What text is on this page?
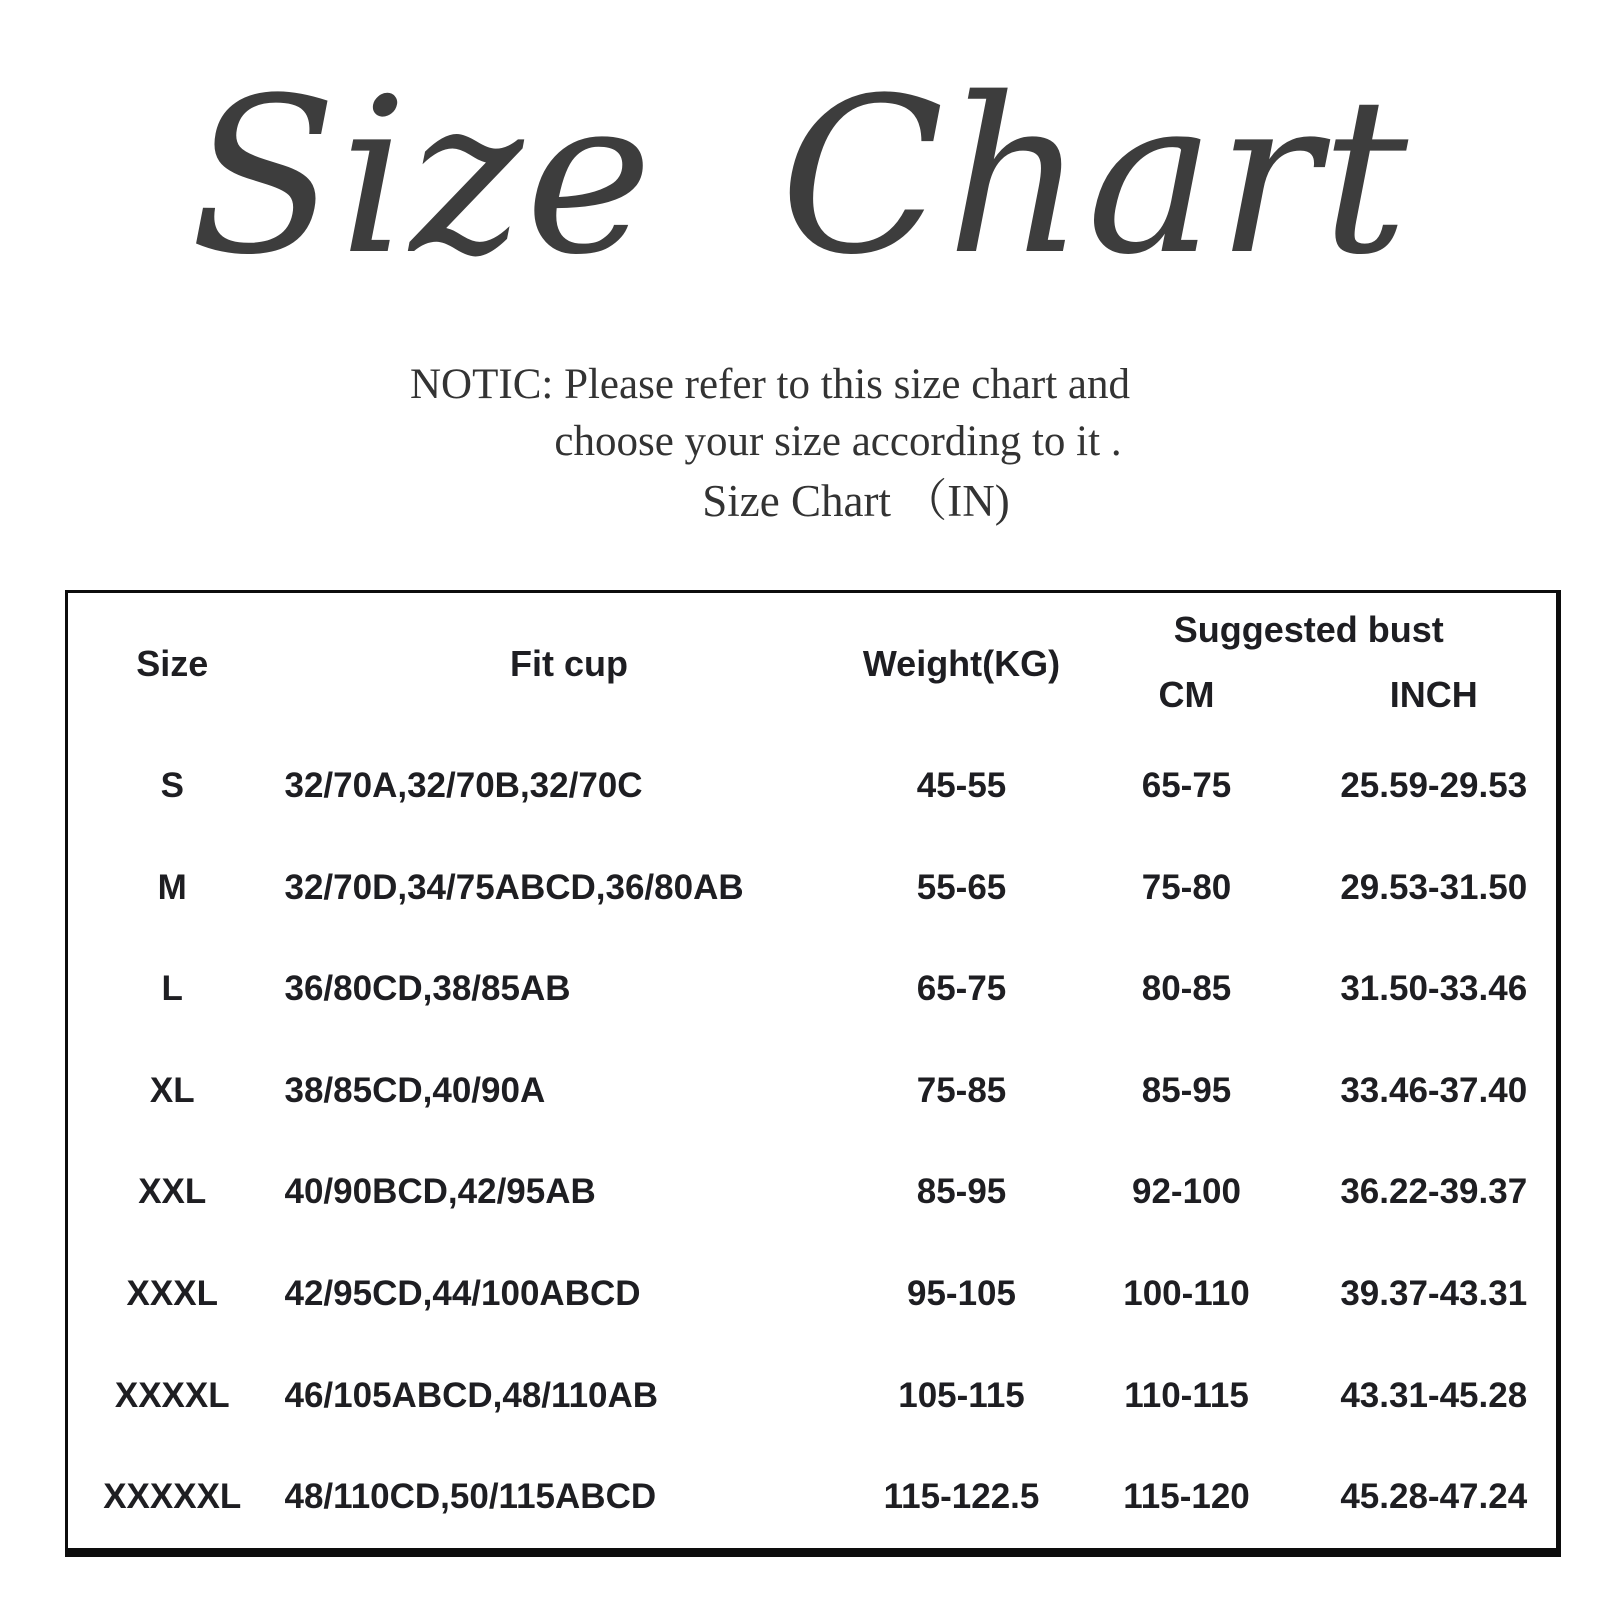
Size Chart
NOTIC: Please refer to this size chart and
choose your size according to it .
Size Chart （IN)
Size	Fit cup	Weight(KG)	Suggested bust	
			CM	INCH
S	32/70A,32/70B,32/70C	45-55	65-75	25.59-29.53
M	32/70D,34/75ABCD,36/80AB	55-65	75-80	29.53-31.50
L	36/80CD,38/85AB	65-75	80-85	31.50-33.46
XL	38/85CD,40/90A	75-85	85-95	33.46-37.40
XXL	40/90BCD,42/95AB	85-95	92-100	36.22-39.37
XXXL	42/95CD,44/100ABCD	95-105	100-110	39.37-43.31
XXXXL	46/105ABCD,48/110AB	105-115	110-115	43.31-45.28
XXXXXL	48/110CD,50/115ABCD	115-122.5	115-120	45.28-47.24
